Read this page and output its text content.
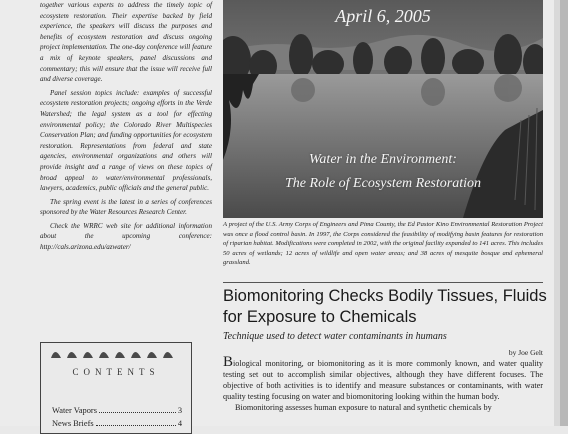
together various experts to address the timely topic of ecosystem restoration. Their expertise backed by field experience, the speakers will discuss the purposes and benefits of ecosystem restoration and discuss ongoing project implementation. The one-day conference will feature a mix of keynote speakers, panel discussions and commentary; this will ensure that the issue will receive full and diverse coverage.

Panel session topics include: examples of successful ecosystem restoration projects; ongoing efforts in the Verde Watershed; the legal system as a tool for effecting environmental policy; the Colorado River Multispecies Conservation Plan; and funding opportunities for ecosystem restoration. Representations from federal and state agencies, environmental organizations and others will provide insight and a range of views on these topics of broad appeal to water/environmental professionals, lawyers, academics, public officials and the general public.

The spring event is the latest in a series of conferences sponsored by the Water Resources Research Center.

Check the WRRC web site for additional information about the upcoming conference: http://cals.arizona.edu/azwater/

April 6, 2005
Water in the Environment:
The Role of Ecosystem Restoration
A project of the U.S. Army Corps of Engineers and Pima County, the Ed Pastor Kino Environmental Restoration Project was once a flood control basin. In 1997, the Corps considered the feasibility of modifying basin features for restoration of riparian habitat. Modifications were completed in 2002, with the original facility expanded to 141 acres. This includes 50 acres of wetlands; 12 acres of wildlife and open water areas; and 38 acres of mesquite bosque and ephemeral grassland.
Biomonitoring Checks Bodily Tissues, Fluids for Exposure to Chemicals
Technique used to detect water contaminants in humans
by Joe Gelt

Biological monitoring, or biomonitoring as it is more commonly known, and water quality testing set out to accomplish similar objectives, although they have different focuses. The objective of both activities is to identify and measure substances or contaminants, with water quality testing focusing on water and biomonitoring looking within the human body.

Biomonitoring assesses human exposure to natural and synthetic chemicals by

CONTENTS
Water Vapors	3
News Briefs	4
